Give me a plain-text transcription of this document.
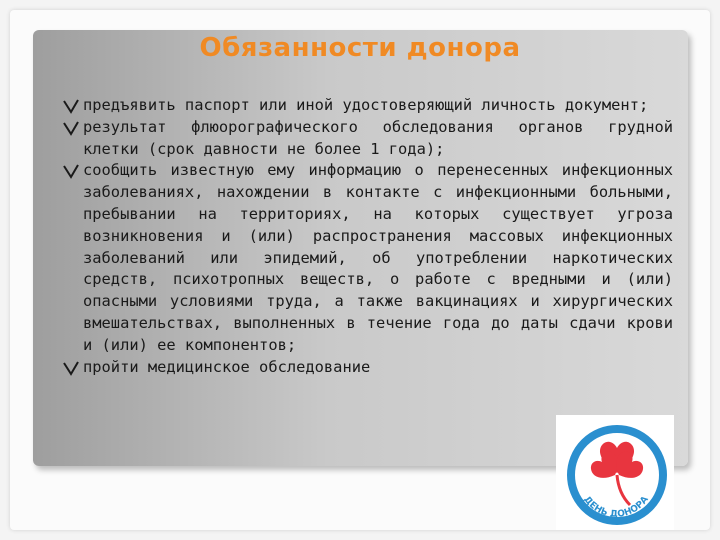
Обязанности донора
предъявить паспорт или иной удостоверяющий личность документ;
результат флюорографического обследования органов грудной клетки (срок давности не более 1 года);
сообщить известную ему информацию о перенесенных инфекционных заболеваниях, нахождении в контакте с инфекционными больными, пребывании на территориях, на которых существует угроза возникновения и (или) распространения массовых инфекционных заболеваний или эпидемий, об употреблении наркотических средств, психотропных веществ, о работе с вредными и (или) опасными условиями труда, а также вакцинациях и хирургических вмешательствах, выполненных в течение года до даты сдачи крови и (или) ее компонентов;
пройти медицинское обследование
ДЕНЬ ДОНОРА
